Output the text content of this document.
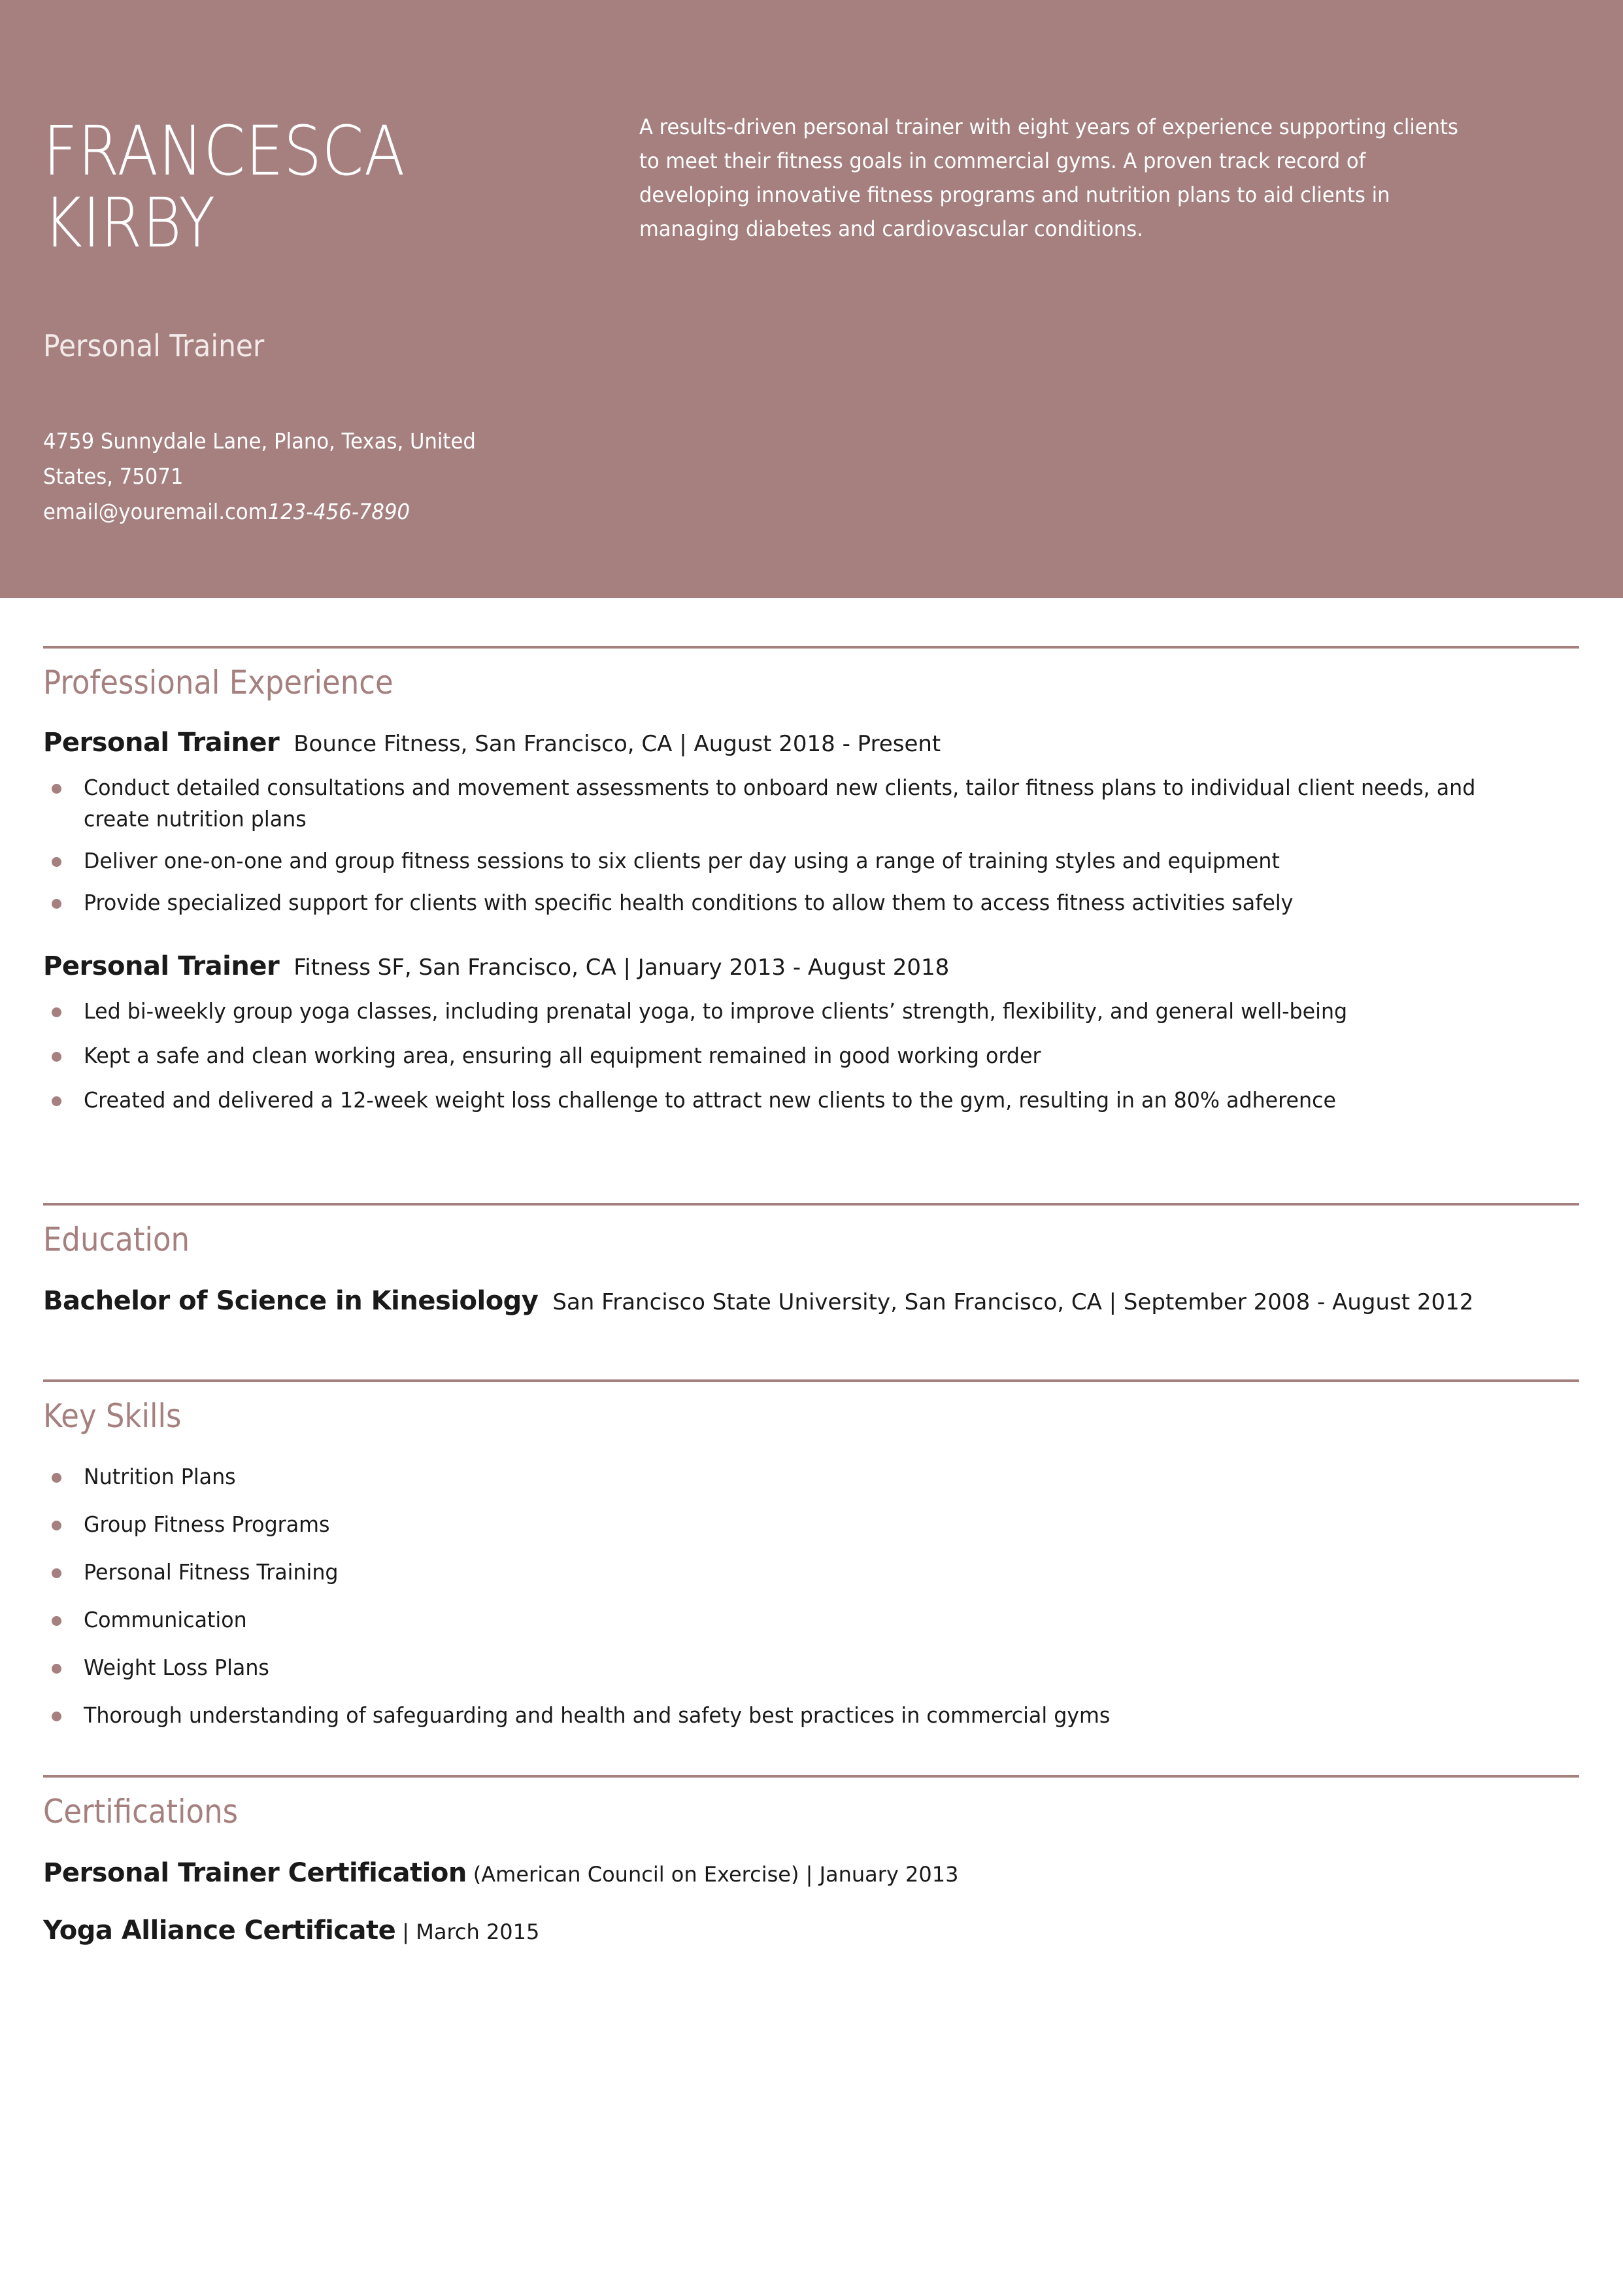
FRANCESCA
KIRBY
Personal Trainer
4759 Sunnydale Lane, Plano, Texas, United
States, 75071
email@youremail.com123-456-7890
A results-driven personal trainer with eight years of experience supporting clients
to meet their fitness goals in commercial gyms. A proven track record of
developing innovative fitness programs and nutrition plans to aid clients in
managing diabetes and cardiovascular conditions.
Professional Experience
Personal Trainer Bounce Fitness, San Francisco, CA | August 2018 - Present
Conduct detailed consultations and movement assessments to onboard new clients, tailor fitness plans to individual client needs, and create nutrition plans
Deliver one-on-one and group fitness sessions to six clients per day using a range of training styles and equipment
Provide specialized support for clients with specific health conditions to allow them to access fitness activities safely
Personal Trainer Fitness SF, San Francisco, CA | January 2013 - August 2018
Led bi-weekly group yoga classes, including prenatal yoga, to improve clients’ strength, flexibility, and general well-being
Kept a safe and clean working area, ensuring all equipment remained in good working order
Created and delivered a 12-week weight loss challenge to attract new clients to the gym, resulting in an 80% adherence
Education
Bachelor of Science in Kinesiology San Francisco State University, San Francisco, CA | September 2008 - August 2012
Key Skills
Nutrition Plans
Group Fitness Programs
Personal Fitness Training
Communication
Weight Loss Plans
Thorough understanding of safeguarding and health and safety best practices in commercial gyms
Certifications
Personal Trainer Certification (American Council on Exercise) | January 2013
Yoga Alliance Certificate | March 2015
